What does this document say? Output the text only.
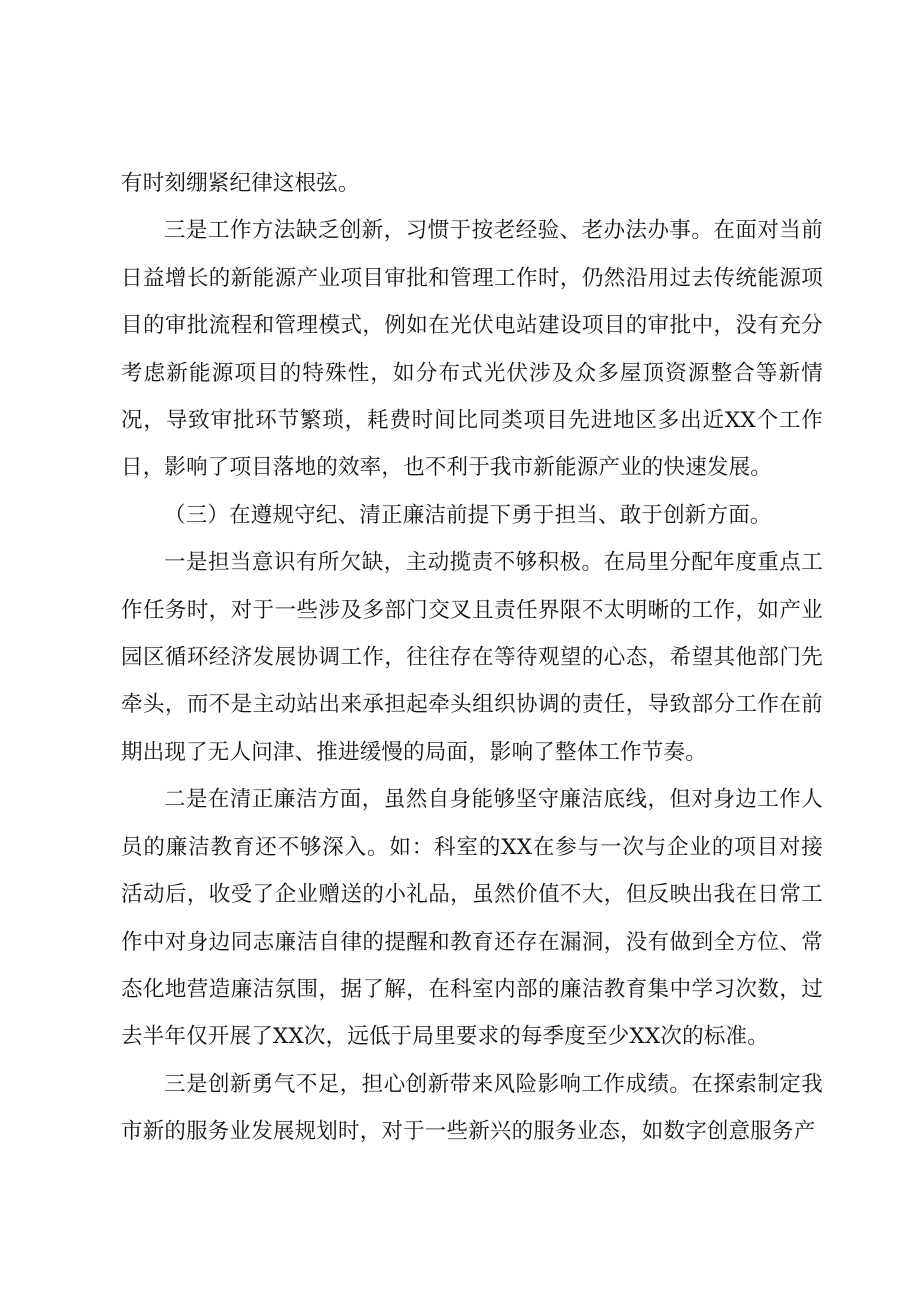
有时刻绷紧纪律这根弦。

三是工作方法缺乏创新，习惯于按老经验、老办法办事。在面对当前日益增长的新能源产业项目审批和管理工作时，仍然沿用过去传统能源项目的审批流程和管理模式，例如在光伏电站建设项目的审批中，没有充分考虑新能源项目的特殊性，如分布式光伏涉及众多屋顶资源整合等新情况，导致审批环节繁琐，耗费时间比同类项目先进地区多出近XX个工作日，影响了项目落地的效率，也不利于我市新能源产业的快速发展。

（三）在遵规守纪、清正廉洁前提下勇于担当、敢于创新方面。

一是担当意识有所欠缺，主动揽责不够积极。在局里分配年度重点工作任务时，对于一些涉及多部门交叉且责任界限不太明晰的工作，如产业园区循环经济发展协调工作，往往存在等待观望的心态，希望其他部门先牵头，而不是主动站出来承担起牵头组织协调的责任，导致部分工作在前期出现了无人问津、推进缓慢的局面，影响了整体工作节奏。

二是在清正廉洁方面，虽然自身能够坚守廉洁底线，但对身边工作人员的廉洁教育还不够深入。如：科室的XX在参与一次与企业的项目对接活动后，收受了企业赠送的小礼品，虽然价值不大，但反映出我在日常工作中对身边同志廉洁自律的提醒和教育还存在漏洞，没有做到全方位、常态化地营造廉洁氛围，据了解，在科室内部的廉洁教育集中学习次数，过去半年仅开展了XX次，远低于局里要求的每季度至少XX次的标准。

三是创新勇气不足，担心创新带来风险影响工作成绩。在探索制定我市新的服务业发展规划时，对于一些新兴的服务业态，如数字创意服务产
